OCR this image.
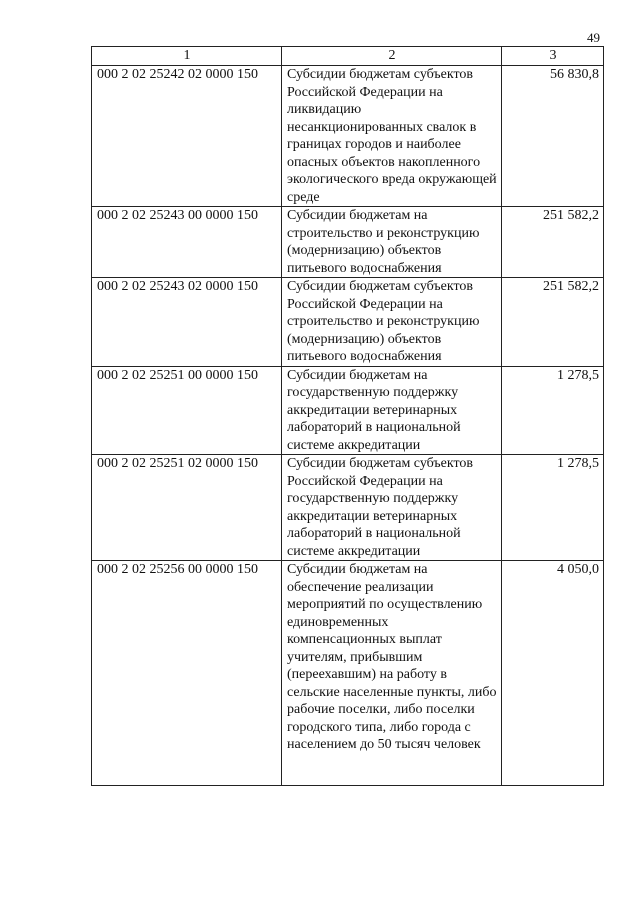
49
1	2	3
000 2 02 25242 02 0000 150	Субсидии бюджетам субъектов Российской Федерации на ликвидацию несанкционированных свалок в границах городов и наиболее опасных объектов накопленного экологического вреда окружающей среде	56 830,8
000 2 02 25243 00 0000 150	Субсидии бюджетам на строительство и реконструкцию (модернизацию) объектов питьевого водоснабжения	251 582,2
000 2 02 25243 02 0000 150	Субсидии бюджетам субъектов Российской Федерации на строительство и реконструкцию (модернизацию) объектов питьевого водоснабжения	251 582,2
000 2 02 25251 00 0000 150	Субсидии бюджетам на государственную поддержку аккредитации ветеринарных лабораторий в национальной системе аккредитации	1 278,5
000 2 02 25251 02 0000 150	Субсидии бюджетам субъектов Российской Федерации на государственную поддержку аккредитации ветеринарных лабораторий в национальной системе аккредитации	1 278,5
000 2 02 25256 00 0000 150	Субсидии бюджетам на обеспечение реализации мероприятий по осуществлению единовременных компенсационных выплат учителям, прибывшим (переехавшим) на работу в сельские населенные пункты, либо рабочие поселки, либо поселки городского типа, либо города с населением до 50 тысяч человек	4 050,0
